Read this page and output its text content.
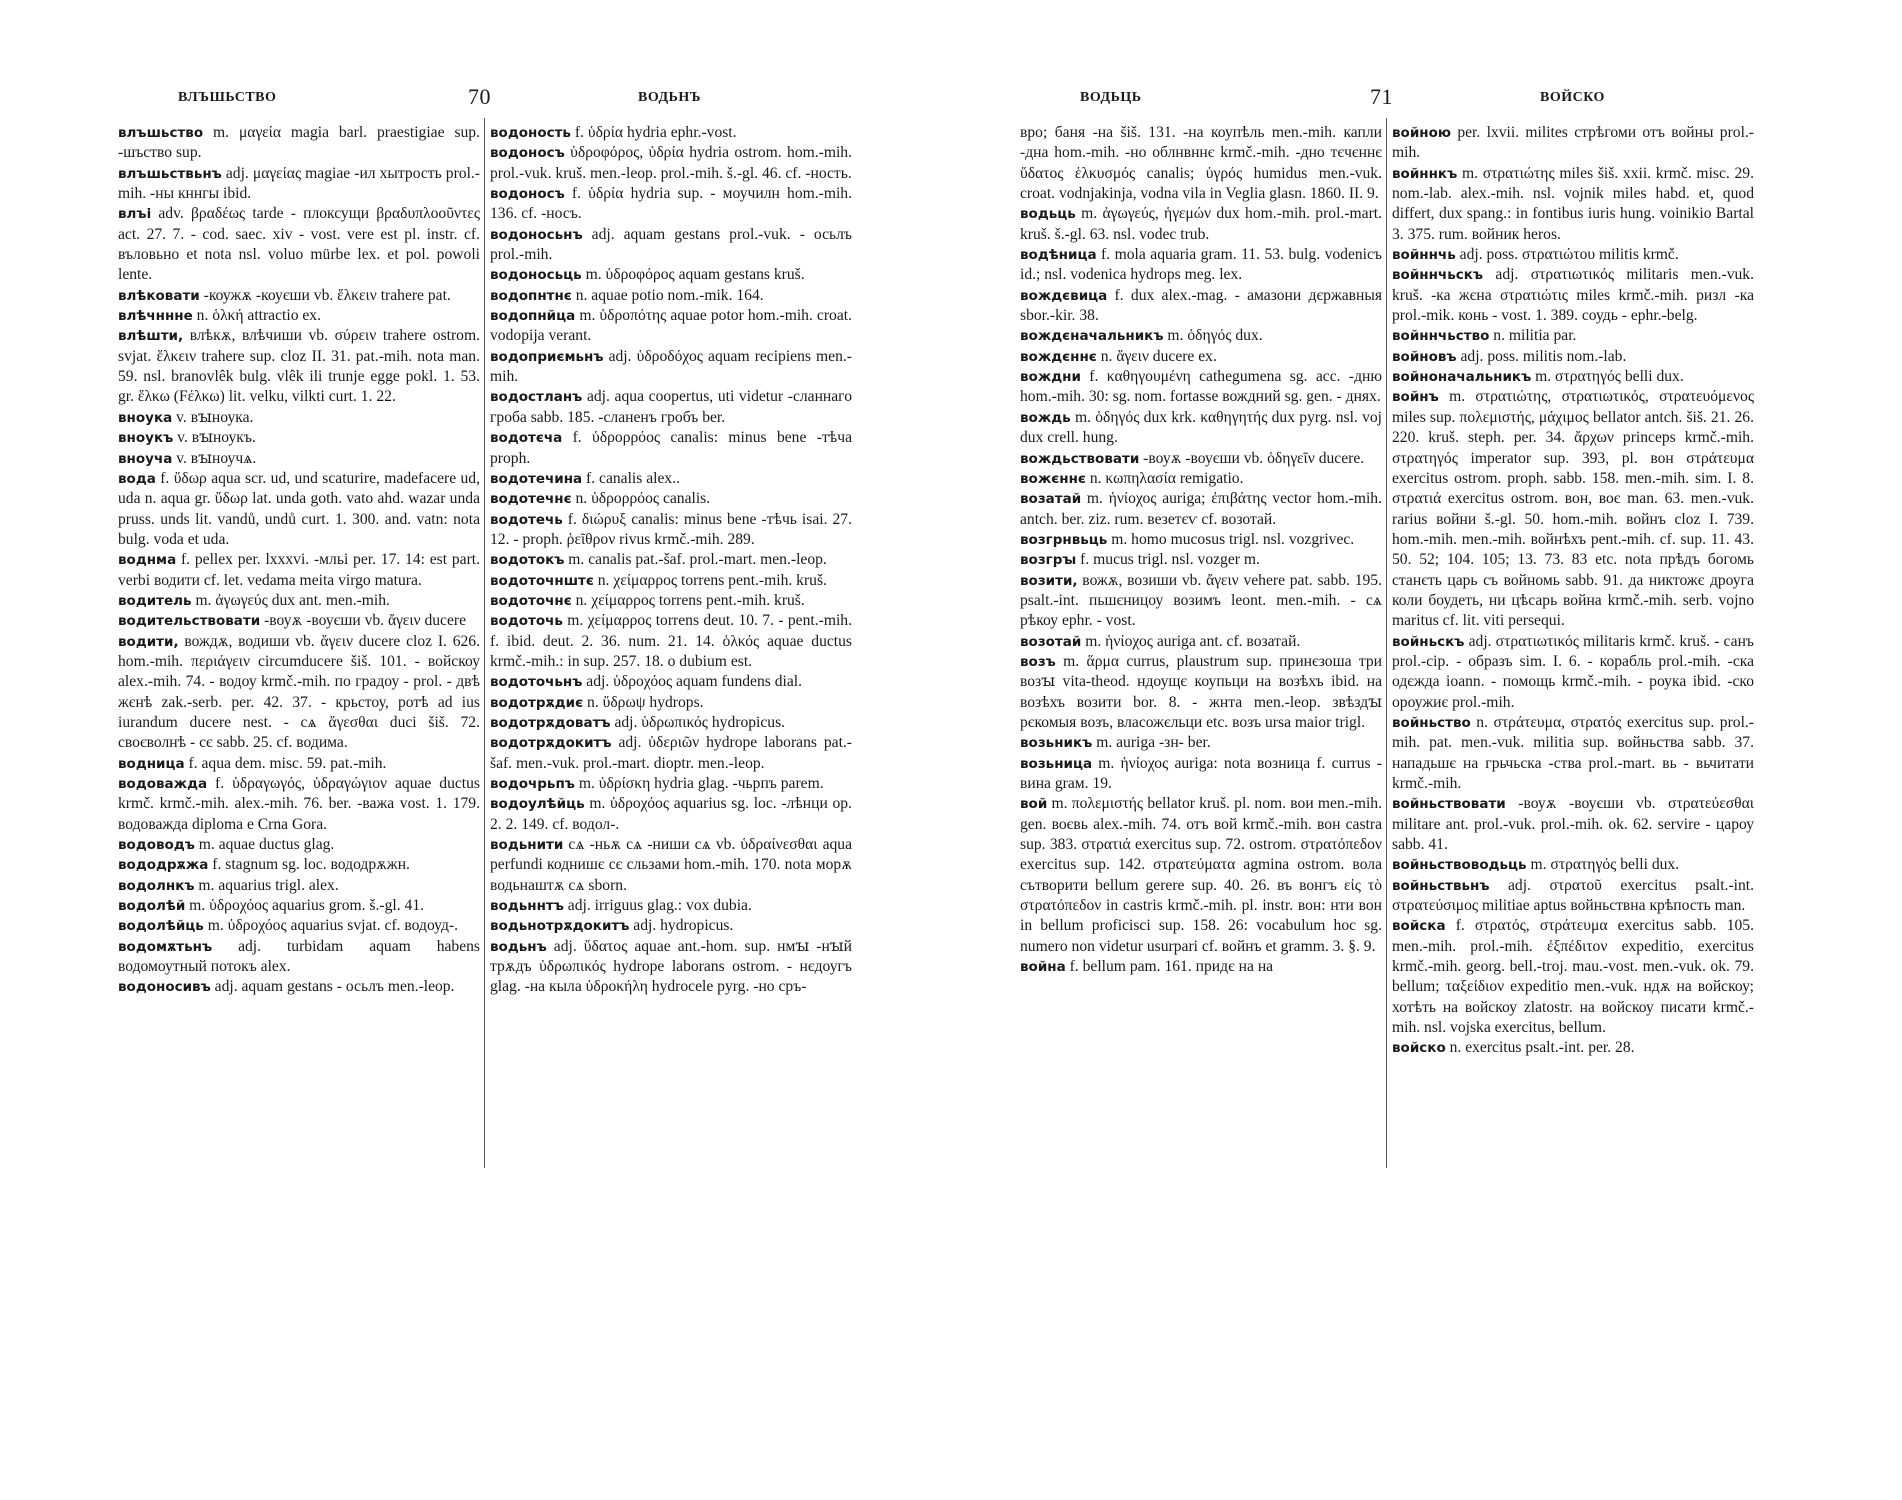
ВЛЪШЬСТВО	70	ВОДЬНЪ

влъшьство m. μαγεία magia barl. praestigiae sup. -шъство sup.

влъшьствьнъ adj. μαγείας magiae -ил хытрость prol.-mih. -ны кннгы ibid.

влъі adv. βραδέως tarde - плоксущи βραδυπλοοῦντες act. 27. 7. - cod. saec. xiv - vost. vere est pl. instr. cf. въловьно et nota nsl. voluo mürbe lex. et pol. powoli lente.

влѣковати -коужѫ -коуєши vb. ἕλκειν trahere pat.

влѣчннне n. ὁλκή attractio ex.

влѣшти, влѣкѫ, влѣчиши vb. σύρειν trahere ostrom. svjat. ἕλκειν trahere sup. cloz II. 31. pat.-mih. nota man. 59. nsl. branovlêk bulg. vlêk ili trunje egge pokl. 1. 53. gr. ἕλκω (Fέλκω) lit. velku, vilkti curt. 1. 22.

вноука v. вꙑноука.

вноукъ v. вꙑноукъ.

вноуча v. вꙑноучѧ.

вода f. ὕδωρ aqua scr. ud, und scaturire, madefacere ud, uda n. aqua gr. ὕδωρ lat. unda goth. vato ahd. wazar unda pruss. unds lit. vandů, undů curt. 1. 300. and. vatn: nota bulg. voda et uda.

воднма f. pellex per. lxxxvi. -мльі per. 17. 14: est part. verbi водити cf. let. vedama meita virgo matura.

водитель m. ἀγωγεύς dux ant. men.-mih.

водительствовати -воуѫ -воуєши vb. ἄγειν ducere

водити, вождѫ, водиши vb. ἄγειν ducere cloz I. 626. hom.-mih. περιάγειν circumducere šiš. 101. - войскоу alex.-mih. 74. - водоу krmč.-mih. по градоу - prol. - двѣ жєнѣ zak.-serb. per. 42. 37. - крьстоу, ротѣ ad ius iurandum ducere nest. - сѧ ἄγεσθαι duci šiš. 72. своєволнѣ - сє sabb. 25. cf. водима.

водница f. aqua dem. misc. 59. pat.-mih.

водоважда f. ὑδραγωγός, ὑδραγώγιον aquae ductus krmč. krmč.-mih. alex.-mih. 76. ber. -важа vost. 1. 179. водоважда diploma e Crna Gora.

водоводъ m. aquae ductus glag.

вододрѫжа f. stagnum sg. loc. вододрѫжн.

водолнкъ m. aquarius trigl. alex.

водолѣй m. ὑδροχόος aquarius grom. š.-gl. 41.

водолѣйць m. ὑδροχόος aquarius svjat. cf. водоуд-.

водомѫтьнъ adj. turbidam aquam habens водомоутный потокъ alex.

водоносивъ adj. aquam gestans - осьлъ men.-leop.

водоность f. ὑδρία hydria ephr.-vost.

водоносъ ὑδροφόρος, ὑδρία hydria ostrom. hom.-mih. prol.-vuk. kruš. men.-leop. prol.-mih. š.-gl. 46. cf. -ность.

водоносъ f. ὑδρία hydria sup. - моучилн hom.-mih. 136. cf. -носъ.

водоносьнъ adj. aquam gestans prol.-vuk. - осьлъ prol.-mih.

водоносьць m. ὑδροφόρος aquam gestans kruš.

водопнтнє n. aquae potio nom.-mik. 164.

водопнйца m. ὑδροπότης aquae potor hom.-mih. croat. vodopija verant.

водоприємьнъ adj. ὑδροδόχος aquam recipiens men.-mih.

водостланъ adj. aqua coopertus, uti videtur -сланнаго гроба sabb. 185. -сланенъ гробъ ber.

водотєча f. ὑδρορρόος canalis: minus bene -тѣча proph.

водотечина f. canalis alex..

водотечнє n. ὑδρορρόος canalis.

водотечь f. διώρυξ canalis: minus bene -тѣчь isai. 27. 12. - proph. ῥεῖθρον rivus krmč.-mih. 289.

водотокъ m. canalis pat.-šaf. prol.-mart. men.-leop.

водоточнштє n. χείμαρρος torrens pent.-mih. kruš.

водоточнє n. χείμαρρος torrens pent.-mih. kruš.

водоточь m. χείμαρρος torrens deut. 10. 7. - pent.-mih. f. ibid. deut. 2. 36. num. 21. 14. ὁλκός aquae ductus krmč.-mih.: in sup. 257. 18. o dubium est.

водоточьнъ adj. ὑδροχόος aquam fundens dial.

водотрѫдиє n. ὕδρωψ hydrops.

водотрѫдоватъ adj. ὑδρωπικός hydropicus.

водотрѫдокитъ adj. ὑδεριῶν hydrope laborans pat.-šaf. men.-vuk. prol.-mart. dioptr. men.-leop.

водочрьпъ m. ὑδρίσκη hydria glag. -чьрпъ parem.

водоулѣйць m. ὑδροχόος aquarius sg. loc. -лѣнци op. 2. 2. 149. cf. водол-.

водьнити сѧ -ньѫ сѧ -ниши сѧ vb. ὑδραίνεσθαι aqua perfundi коднишє сє сльзами hom.-mih. 170. nota морѫ водьнаштѫ сѧ sborn.

водьннтъ adj. irriguus glag.: vox dubia.

водьнотрѫдокитъ adj. hydropicus.

водьнъ adj. ὕδατος aquae ant.-hom. sup. нмꙑ -нꙑй трѫдъ ὑδρωπικός hydrope laborans ostrom. - нєдоугъ glag. -на кыла ὑδροκήλη hydrocele pyrg. -но сръ-

ВОДЬЦЬ	71	ВОЙСКО

вро; баня -на šiš. 131. -на коупѣль men.-mih. капли -дна hom.-mih. -но облнвннє krmč.-mih. -дно тєчєннє ὕδατος ἑλκυσμός canalis; ὑγρός humidus men.-vuk. croat. vodnjakinja, vodna vila in Veglia glasn. 1860. II. 9.

водьць m. ἀγωγεύς, ἡγεμών dux hom.-mih. prol.-mart. kruš. š.-gl. 63. nsl. vodec trub.

водѣница f. mola aquaria gram. 11. 53. bulg. vodenicъ id.; nsl. vodenica hydrops meg. lex.

вождєвица f. dux alex.-mag. - амазони дєржавныя sbor.-kir. 38.

вождєначальникъ m. ὁδηγός dux.

вождєннє n. ἄγειν ducere ex.

вождни f. καθηγουμένη cathegumena sg. acc. -дню hom.-mih. 30: sg. nom. fortasse вождний sg. gen. - дняx.

вождь m. ὁδηγός dux krk. καθηγητής dux pyrg. nsl. voj dux crell. hung.

вождьствовати -воуѫ -воуєши vb. ὁδηγεῖν ducere.

вожєннє n. κωπηλασία remigatio.

возатай m. ἡνίοχος auriga; ἐπιβάτης vector hom.-mih. antch. ber. ziz. rum. везетєѵ cf. возотай.

возгрнвьць m. homo mucosus trigl. nsl. vozgrivec.

возгрꙑ f. mucus trigl. nsl. vozger m.

возити, вожѫ, возиши vb. ἄγειν vehere pat. sabb. 195. psalt.-int. пьшєницоу возимъ leont. men.-mih. - сѧ рѣкоу ephr. - vost.

возотай m. ἡνίοχος auriga ant. cf. возатай.

возъ m. ἅρμα currus, plaustrum sup. принєзоша три возꙑ vita-theod. ндоущє коупьци на возѣхъ ibid. на возѣхъ возити bor. 8. - жнта men.-leop. звѣздꙑ рєкомыя возъ, власожєльци etc. возъ ursa maior trigl.

возьникъ m. auriga -зн- ber.

возьница m. ἡνίοχος auriga: nota возница f. currus - вина graм. 19.

вой m. πολεμιστής bellator kruš. pl. nom. вои men.-mih. gen. воєвь alex.-mih. 74. отъ вой krmč.-mih. вон castra sup. 383. στρατιά exercitus sup. 72. ostrom. στρατόπεδον exercitus sup. 142. στρατεύματα agmina ostrom. вола сътворити bellum gerere sup. 40. 26. въ вонгъ εἰς τὸ στρατόπεδον in castris krmč.-mih. pl. instr. вон: нти вон in bellum proficisci sup. 158. 26: vocabulum hoc sg. numero non videtur usurpari cf. войнъ et gramm. 3. §. 9.

война f. bellum pam. 161. придє на на

войною per. lxvii. milites стрѣгоми отъ войны prol.-mih.

войннкъ m. στρατιώτης miles šiš. xxii. krmč. misc. 29. nom.-lab. alex.-mih. nsl. vojnik miles habd. et, quod differt, dux spang.: in fontibus iuris hung. voinikio Bartal 3. 375. rum. войник heros.

войннчь adj. poss. στρατιώτου militis krmč.

войннчьскъ adj. στρατιωτικός militaris men.-vuk. kruš. -ка жєна στρατιώτις miles krmč.-mih. ризл -ка prol.-mik. конь - vost. 1. 389. соудь - ephr.-belg.

войннчьство n. militia par.

войновъ adj. poss. militis nom.-lab.

войноначальникъ m. στρατηγός belli dux.

войнъ m. στρατιώτης, στρατιωτικός, στρατευόμενος miles sup. πολεμιστής, μάχιμος bellator antch. šiš. 21. 26. 220. kruš. steph. per. 34. ἄρχων princeps krmč.-mih. στρατηγός imperator sup. 393, pl. вон στράτευμα exercitus ostrom. proph. sabb. 158. men.-mih. sim. I. 8. στρατιά exercitus ostrom. вон, воє man. 63. men.-vuk. rarius войни š.-gl. 50. hom.-mih. войнъ cloz I. 739. hom.-mih. men.-mih. войнѣхъ pent.-mih. cf. sup. 11. 43. 50. 52; 104. 105; 13. 73. 83 etc. nota прѣдъ богомь станєть царь съ войномь sabb. 91. да никтожє дроуга коли боудеть, ни цѣсарь война krmč.-mih. serb. vojno maritus cf. lit. vіti persequi.

войньскъ adj. στρατιωτικός militaris krmč. kruš. - санъ prol.-cip. - образъ sim. I. 6. - корабль prol.-mih. -ска одєжда ioann. - помощь krmč.-mih. - роука ibid. -ско ороужиє prol.-mih.

войньство n. στράτευμα, στρατός exercitus sup. prol.-mih. pat. men.-vuk. militia sup. войньства sabb. 37. нападьшє на грьчьска -ства prol.-mart. вь - вьчитати krmč.-mih.

войньствовати -воуѫ -воуєши vb. στρατεύεσθαι militare ant. prol.-vuk. prol.-mih. ok. 62. servire - цароу sabb. 41.

войньствоводьць m. στρατηγός belli dux.

войньствьнъ adj. στρατοῦ exercitus psalt.-int. στρατεύσιμος militiae aptus войньствна крѣпость man.

войска f. στρατός, στράτευμα exercitus sabb. 105. men.-mih. prol.-mih. ἐξπέδιτον expeditio, exercitus krmč.-mih. georg. bell.-troj. mau.-vost. men.-vuk. ok. 79. bellum; ταξείδιον expeditio men.-vuk. ндѫ на войскоу; хотѣть на войскоу zlatostr. на войскоу писати krmč.-mih. nsl. vojska exercitus, bellum.

войско n. exercitus psalt.-int. per. 28.
